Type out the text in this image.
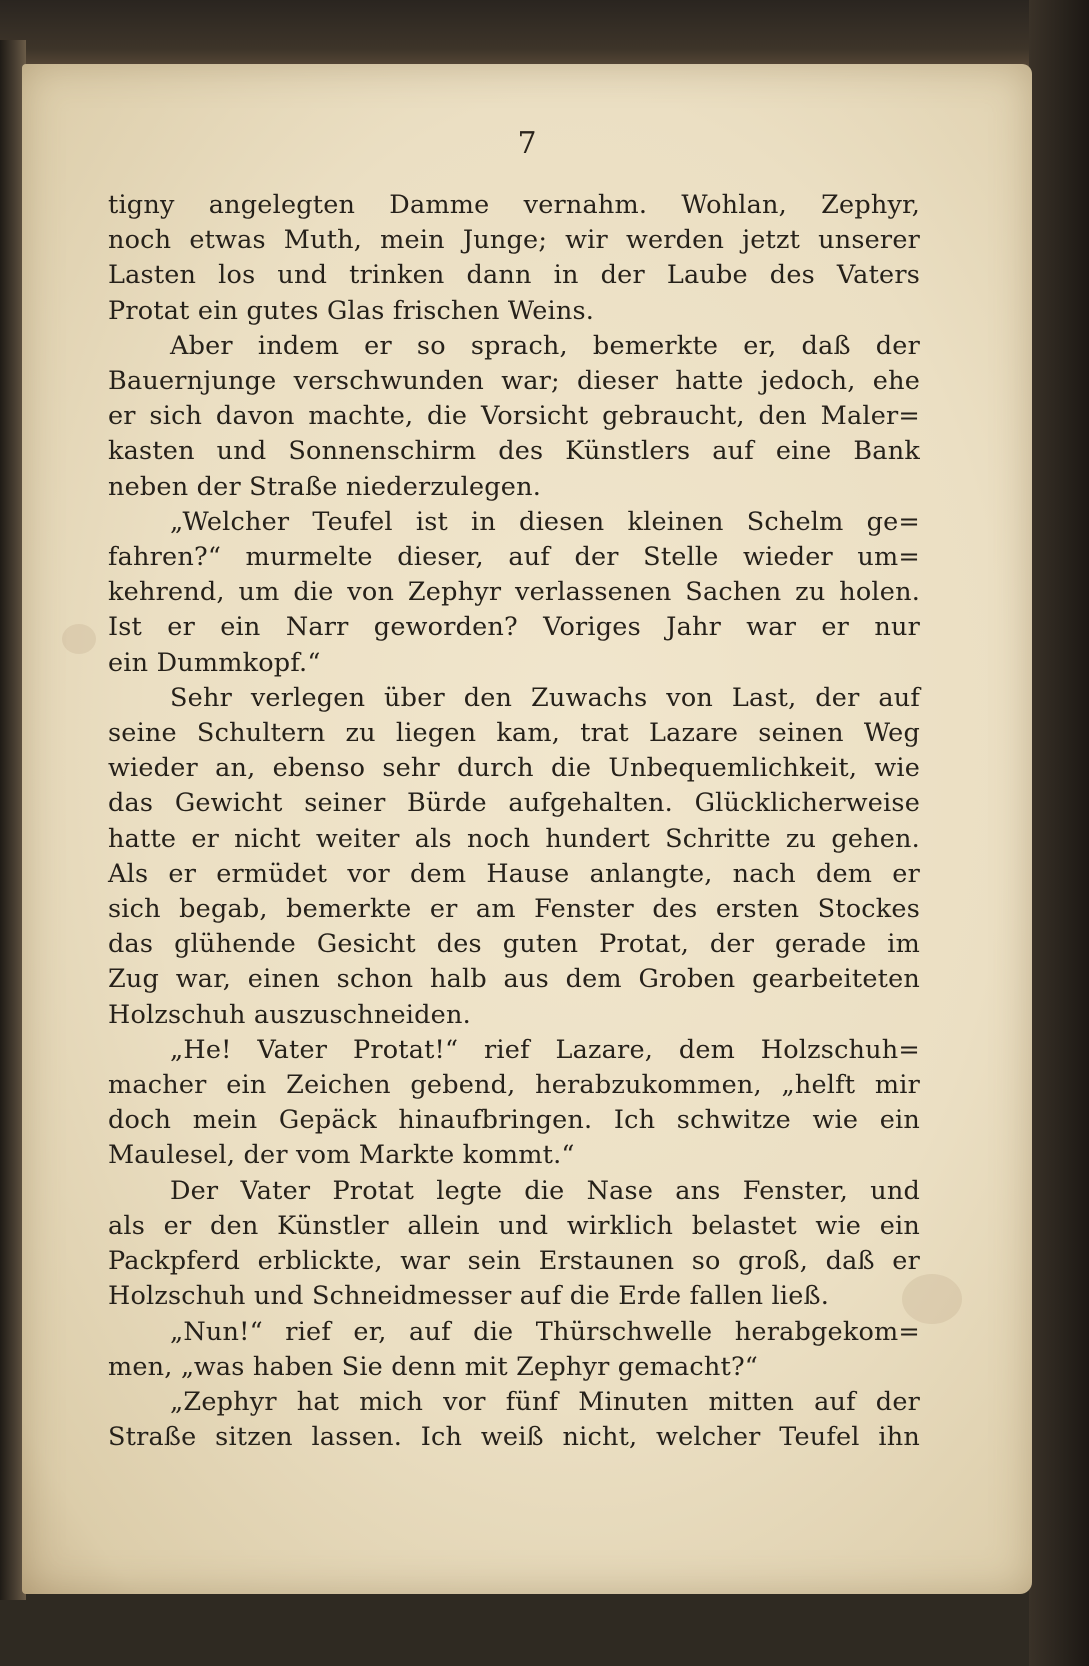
7
tigny angelegten Damme vernahm. Wohlan, Zephyr,
noch etwas Muth, mein Junge; wir werden jetzt unserer
Lasten los und trinken dann in der Laube des Vaters
Protat ein gutes Glas frischen Weins.
Aber indem er so sprach, bemerkte er, daß der
Bauernjunge verschwunden war; dieser hatte jedoch, ehe
er sich davon machte, die Vorsicht gebraucht, den Maler=
kasten und Sonnenschirm des Künstlers auf eine Bank
neben der Straße niederzulegen.
„Welcher Teufel ist in diesen kleinen Schelm ge=
fahren?“ murmelte dieser, auf der Stelle wieder um=
kehrend, um die von Zephyr verlassenen Sachen zu holen.
Ist er ein Narr geworden? Voriges Jahr war er nur
ein Dummkopf.“
Sehr verlegen über den Zuwachs von Last, der auf
seine Schultern zu liegen kam, trat Lazare seinen Weg
wieder an, ebenso sehr durch die Unbequemlichkeit, wie
das Gewicht seiner Bürde aufgehalten. Glücklicherweise
hatte er nicht weiter als noch hundert Schritte zu gehen.
Als er ermüdet vor dem Hause anlangte, nach dem er
sich begab, bemerkte er am Fenster des ersten Stockes
das glühende Gesicht des guten Protat, der gerade im
Zug war, einen schon halb aus dem Groben gearbeiteten
Holzschuh auszuschneiden.
„He! Vater Protat!“ rief Lazare, dem Holzschuh=
macher ein Zeichen gebend, herabzukommen, „helft mir
doch mein Gepäck hinaufbringen. Ich schwitze wie ein
Maulesel, der vom Markte kommt.“
Der Vater Protat legte die Nase ans Fenster, und
als er den Künstler allein und wirklich belastet wie ein
Packpferd erblickte, war sein Erstaunen so groß, daß er
Holzschuh und Schneidmesser auf die Erde fallen ließ.
„Nun!“ rief er, auf die Thürschwelle herabgekom=
men, „was haben Sie denn mit Zephyr gemacht?“
„Zephyr hat mich vor fünf Minuten mitten auf der
Straße sitzen lassen. Ich weiß nicht, welcher Teufel ihn
